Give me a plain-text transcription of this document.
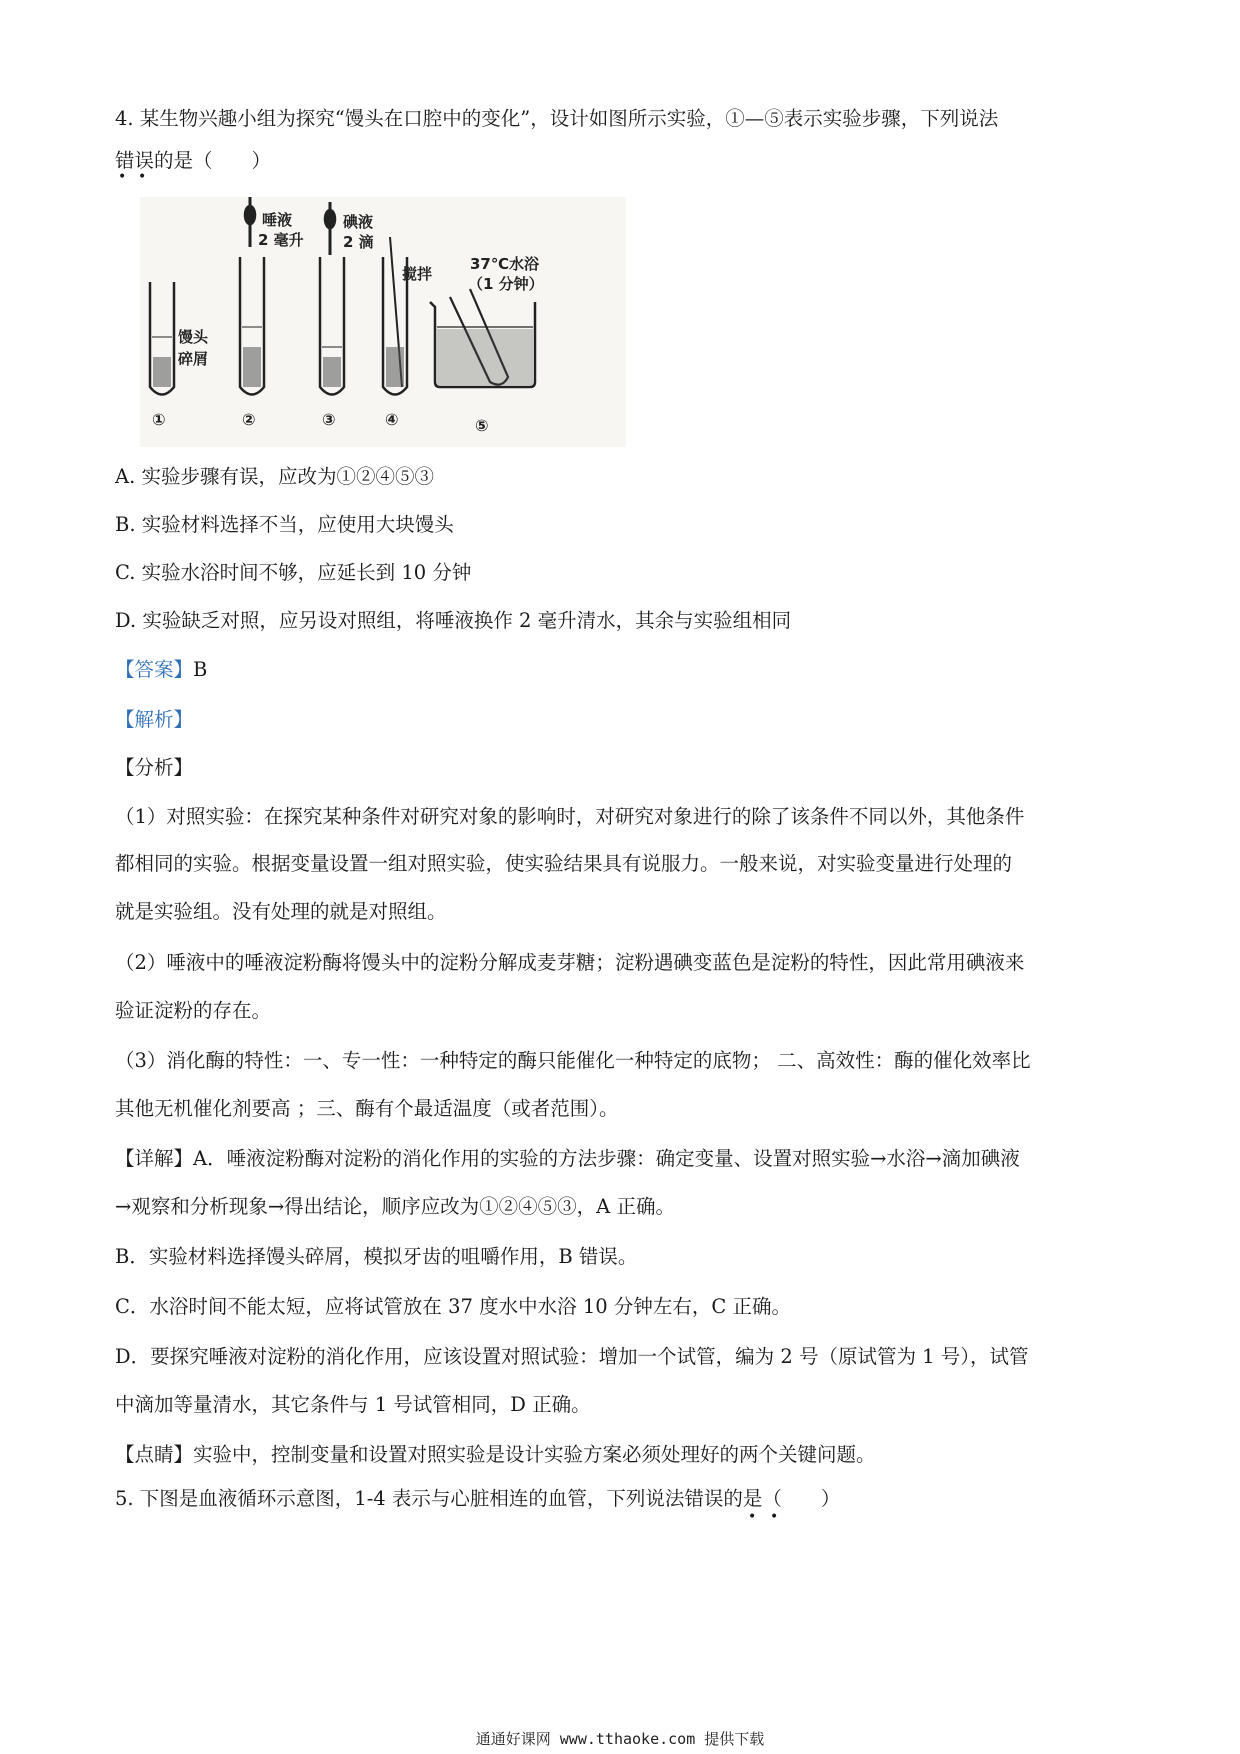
4. 某生物兴趣小组为探究“馒头在口腔中的变化”，设计如图所示实验，①—⑤表示实验步骤，下列说法
错误的是（　　）
• •
唾液
2 毫升
碘液
2 滴
馒头
碎屑
搅拌
37℃水浴
（1 分钟）
①	②	③	④	⑤
A. 实验步骤有误，应改为①②④⑤③
B. 实验材料选择不当，应使用大块馒头
C. 实验水浴时间不够，应延长到 10 分钟
D. 实验缺乏对照，应另设对照组，将唾液换作 2 毫升清水，其余与实验组相同
【答案】B
【解析】
【分析】
（1）对照实验：在探究某种条件对研究对象的影响时，对研究对象进行的除了该条件不同以外，其他条件
都相同的实验。根据变量设置一组对照实验，使实验结果具有说服力。一般来说，对实验变量进行处理的
就是实验组。没有处理的就是对照组。
（2）唾液中的唾液淀粉酶将馒头中的淀粉分解成麦芽糖；淀粉遇碘变蓝色是淀粉的特性，因此常用碘液来
验证淀粉的存在。
（3）消化酶的特性：一、专一性：一种特定的酶只能催化一种特定的底物； 二、高效性：酶的催化效率比
其他无机催化剂要高 ；三、酶有个最适温度（或者范围）。
【详解】A．唾液淀粉酶对淀粉的消化作用的实验的方法步骤：确定变量、设置对照实验→水浴→滴加碘液
→观察和分析现象→得出结论，顺序应改为①②④⑤③，A 正确。
B．实验材料选择馒头碎屑，模拟牙齿的咀嚼作用，B 错误。
C．水浴时间不能太短，应将试管放在 37 度水中水浴 10 分钟左右，C 正确。
D．要探究唾液对淀粉的消化作用，应该设置对照试验：增加一个试管，编为 2 号（原试管为 1 号），试管
中滴加等量清水，其它条件与 1 号试管相同，D 正确。
【点睛】实验中，控制变量和设置对照实验是设计实验方案必须处理好的两个关键问题。
5. 下图是血液循环示意图，1-4 表示与心脏相连的血管，下列说法错误的是（　　）
• •
通通好课网 www.tthaoke.com 提供下载
